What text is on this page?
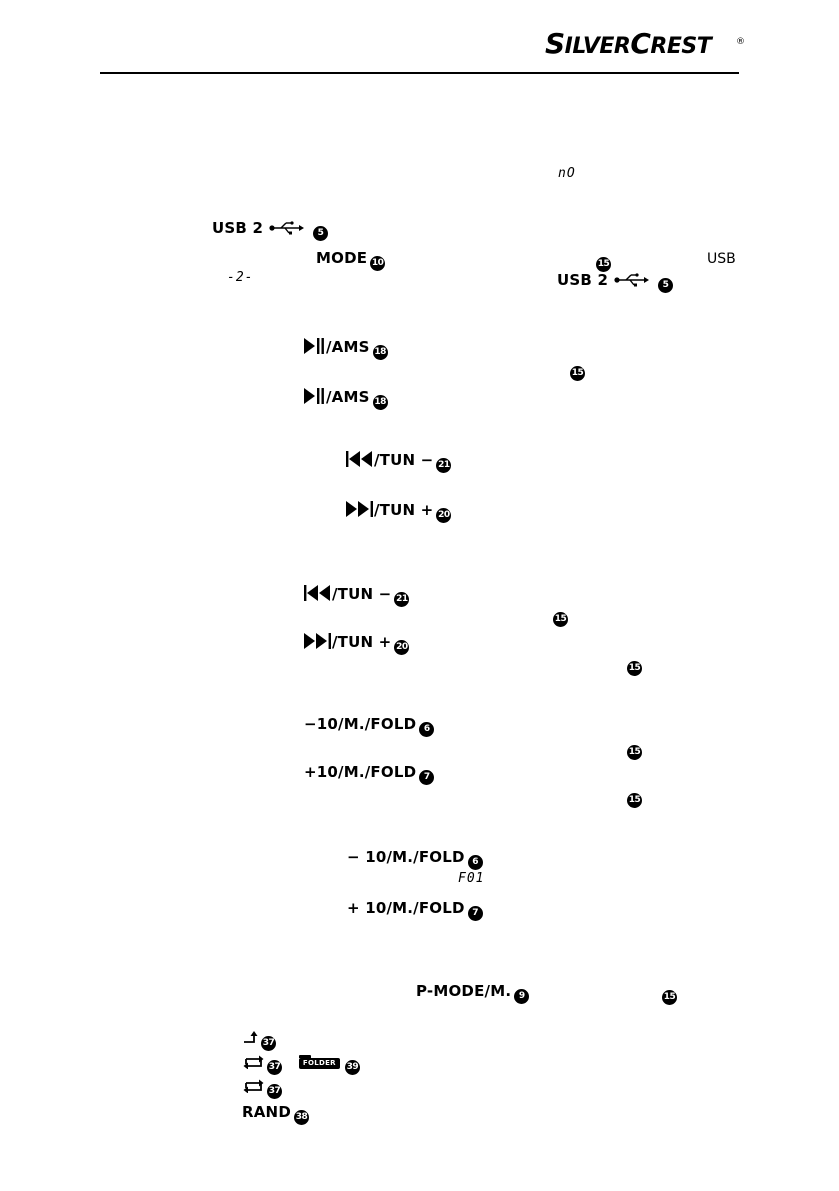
SILVERCREST	®
nO
USB 2	5
MODE 10	15	USB
-2-	USB 2	5
/AMS 18
15
/AMS 18
/TUN − 21
/TUN + 20
/TUN − 21
15
/TUN + 20
15
−10/M./FOLD 6
15
+10/M./FOLD 7
15
− 10/M./FOLD 6
F01
+ 10/M./FOLD 7
P-MODE/M. 9	15
37
37	FOLDER 39
37
RAND 38
